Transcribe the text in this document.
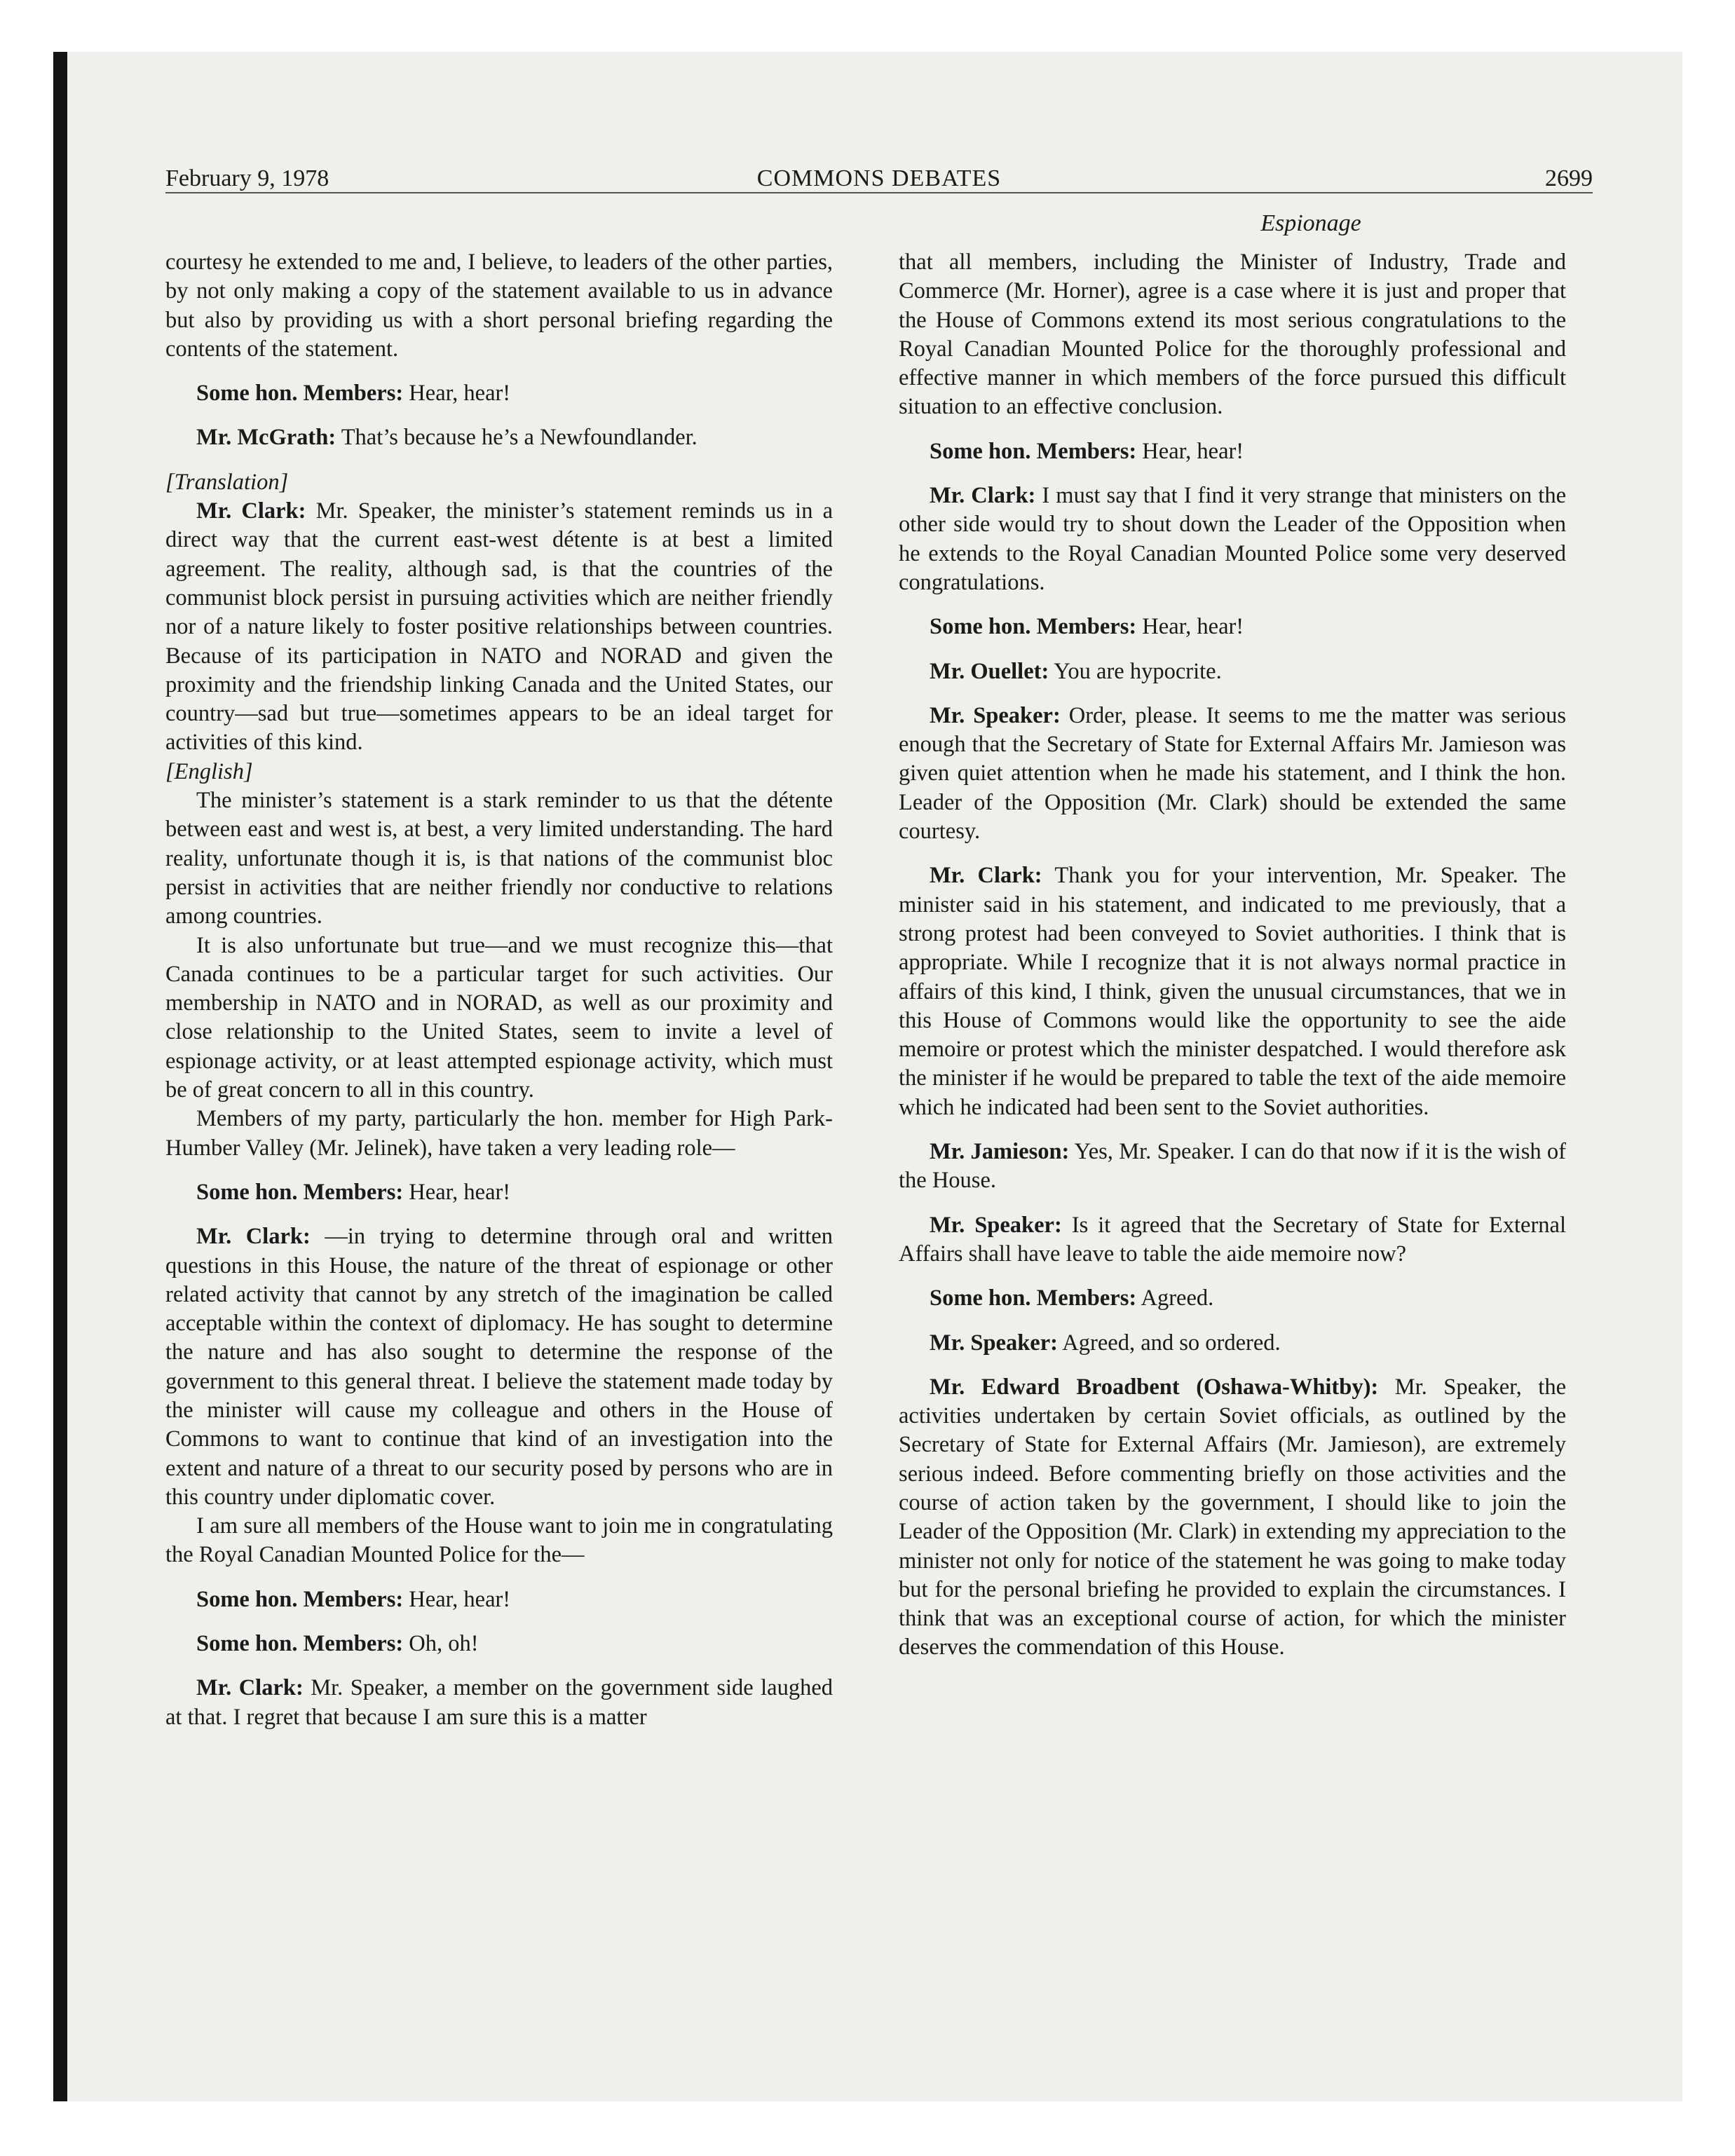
February 9, 1978	COMMONS DEBATES	2699
Espionage

courtesy he extended to me and, I believe, to leaders of the other parties, by not only making a copy of the statement available to us in advance but also by providing us with a short personal briefing regarding the contents of the statement.

Some hon. Members: Hear, hear!

Mr. McGrath: That’s because he’s a Newfoundlander.

[Translation]

Mr. Clark: Mr. Speaker, the minister’s statement reminds us in a direct way that the current east-west détente is at best a limited agreement. The reality, although sad, is that the countries of the communist block persist in pursuing activities which are neither friendly nor of a nature likely to foster positive relationships between countries. Because of its participation in NATO and NORAD and given the proximity and the friendship linking Canada and the United States, our country—sad but true—sometimes appears to be an ideal target for activities of this kind.

[English]

The minister’s statement is a stark reminder to us that the détente between east and west is, at best, a very limited understanding. The hard reality, unfortunate though it is, is that nations of the communist bloc persist in activities that are neither friendly nor conductive to relations among countries.

It is also unfortunate but true—and we must recognize this—that Canada continues to be a particular target for such activities. Our membership in NATO and in NORAD, as well as our proximity and close relationship to the United States, seem to invite a level of espionage activity, or at least attempted espionage activity, which must be of great concern to all in this country.

Members of my party, particularly the hon. member for High Park-Humber Valley (Mr. Jelinek), have taken a very leading role—

Some hon. Members: Hear, hear!

Mr. Clark: —in trying to determine through oral and written questions in this House, the nature of the threat of espionage or other related activity that cannot by any stretch of the imagination be called acceptable within the context of diplomacy. He has sought to determine the nature and has also sought to determine the response of the government to this general threat. I believe the statement made today by the minister will cause my colleague and others in the House of Commons to want to continue that kind of an investigation into the extent and nature of a threat to our security posed by persons who are in this country under diplomatic cover.

I am sure all members of the House want to join me in congratulating the Royal Canadian Mounted Police for the—

Some hon. Members: Hear, hear!

Some hon. Members: Oh, oh!

Mr. Clark: Mr. Speaker, a member on the government side laughed at that. I regret that because I am sure this is a matter

that all members, including the Minister of Industry, Trade and Commerce (Mr. Horner), agree is a case where it is just and proper that the House of Commons extend its most serious congratulations to the Royal Canadian Mounted Police for the thoroughly professional and effective manner in which members of the force pursued this difficult situation to an effective conclusion.

Some hon. Members: Hear, hear!

Mr. Clark: I must say that I find it very strange that ministers on the other side would try to shout down the Leader of the Opposition when he extends to the Royal Canadian Mounted Police some very deserved congratulations.

Some hon. Members: Hear, hear!

Mr. Ouellet: You are hypocrite.

Mr. Speaker: Order, please. It seems to me the matter was serious enough that the Secretary of State for External Affairs Mr. Jamieson was given quiet attention when he made his statement, and I think the hon. Leader of the Opposition (Mr. Clark) should be extended the same courtesy.

Mr. Clark: Thank you for your intervention, Mr. Speaker. The minister said in his statement, and indicated to me previously, that a strong protest had been conveyed to Soviet authorities. I think that is appropriate. While I recognize that it is not always normal practice in affairs of this kind, I think, given the unusual circumstances, that we in this House of Commons would like the opportunity to see the aide memoire or protest which the minister despatched. I would therefore ask the minister if he would be prepared to table the text of the aide memoire which he indicated had been sent to the Soviet authorities.

Mr. Jamieson: Yes, Mr. Speaker. I can do that now if it is the wish of the House.

Mr. Speaker: Is it agreed that the Secretary of State for External Affairs shall have leave to table the aide memoire now?

Some hon. Members: Agreed.

Mr. Speaker: Agreed, and so ordered.

Mr. Edward Broadbent (Oshawa-Whitby): Mr. Speaker, the activities undertaken by certain Soviet officials, as outlined by the Secretary of State for External Affairs (Mr. Jamieson), are extremely serious indeed. Before commenting briefly on those activities and the course of action taken by the government, I should like to join the Leader of the Opposition (Mr. Clark) in extending my appreciation to the minister not only for notice of the statement he was going to make today but for the personal briefing he provided to explain the circumstances. I think that was an exceptional course of action, for which the minister deserves the commendation of this House.
